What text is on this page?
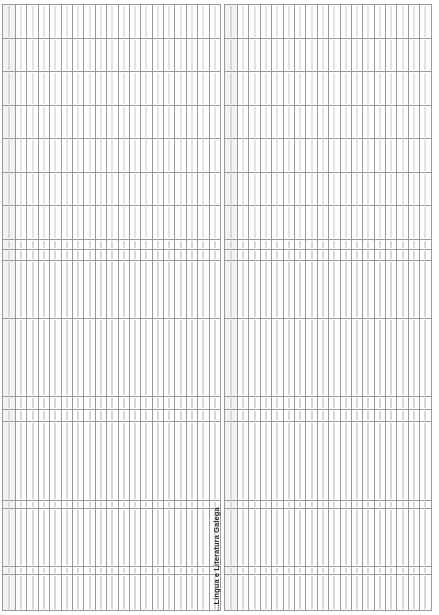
...Lingua e Literatura Galega
